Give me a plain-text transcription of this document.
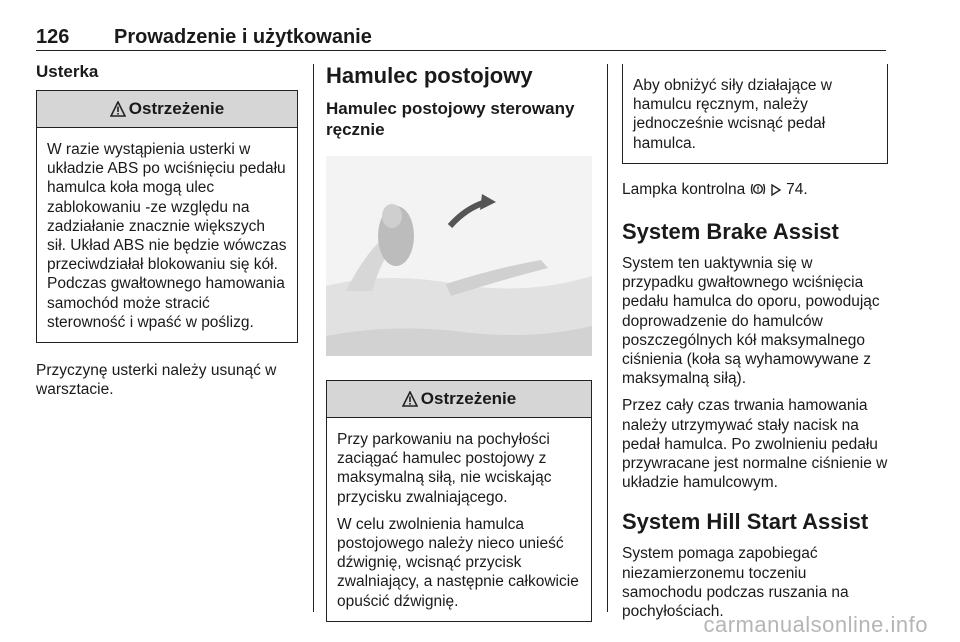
126 Prowadzenie i użytkowanie
Usterka
Ostrzeżenie

W razie wystąpienia usterki w układzie ABS po wciśnięciu pedału hamulca koła mogą ulec zablokowaniu -ze względu na zadziałanie znacznie większych sił. Układ ABS nie będzie wówczas przeciwdziałał blokowaniu się kół. Podczas gwałtownego hamowania samochód może stracić sterowność i wpaść w poślizg.

Przyczynę usterki należy usunąć w warsztacie.

Hamulec postojowy
Hamulec postojowy sterowany ręcznie
Ostrzeżenie

Przy parkowaniu na pochyłości zaciągać hamulec postojowy z maksymalną siłą, nie wciskając przycisku zwalniającego.

W celu zwolnienia hamulca postojowego należy nieco unieść dźwignię, wcisnąć przycisk zwalniający, a następnie całkowicie opuścić dźwignię.

Aby obniżyć siły działające w hamulcu ręcznym, należy jednocześnie wcisnąć pedał hamulca.

Lampka kontrolna	74.

System Brake Assist

System ten uaktywnia się w przypadku gwałtownego wciśnięcia pedału hamulca do oporu, powodując doprowadzenie do hamulców poszczególnych kół maksymalnego ciśnienia (koła są wyhamowywane z maksymalną siłą).

Przez cały czas trwania hamowania należy utrzymywać stały nacisk na pedał hamulca. Po zwolnieniu pedału przywracane jest normalne ciśnienie w układzie hamulcowym.

System Hill Start Assist

System pomaga zapobiegać niezamierzonemu toczeniu samochodu podczas ruszania na pochyłościach.

carmanualsonline.info
